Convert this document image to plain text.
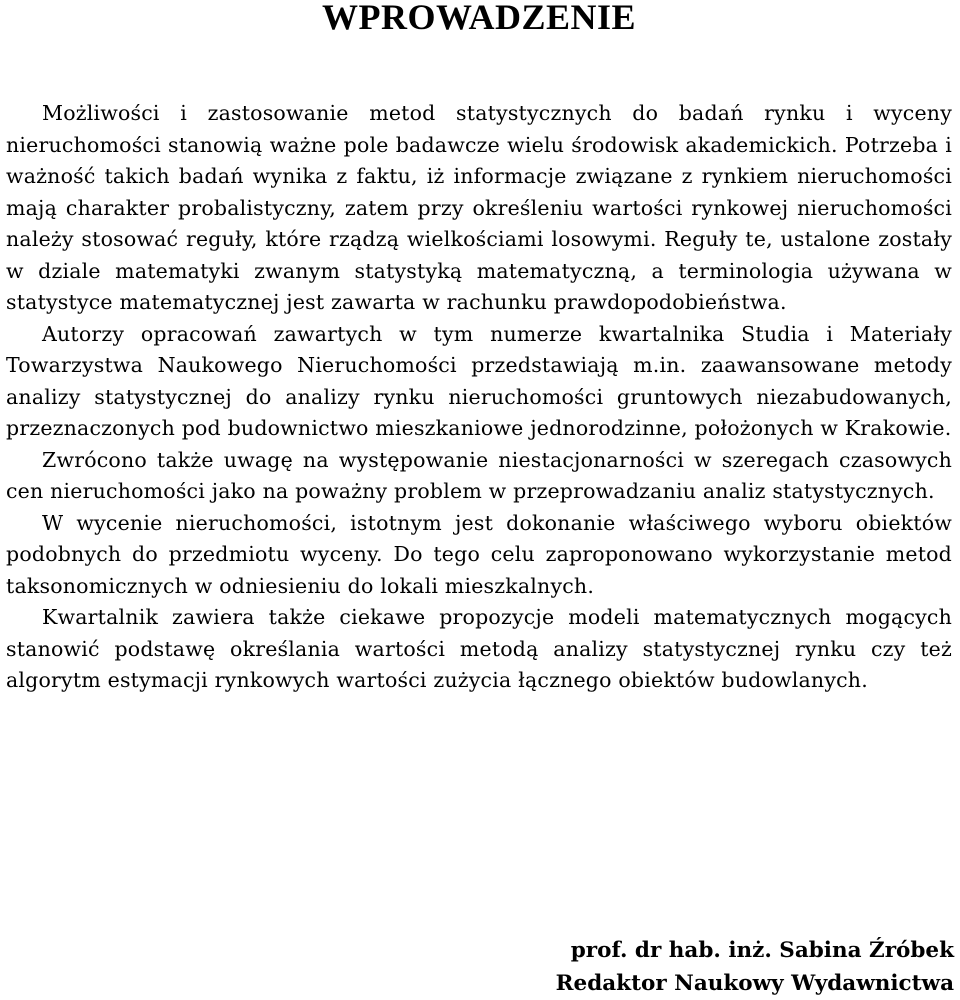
WPROWADZENIE

Możliwości i zastosowanie metod statystycznych do badań rynku i wyceny nieruchomości stanowią ważne pole badawcze wielu środowisk akademickich. Potrzeba i ważność takich badań wynika z faktu, iż informacje związane z rynkiem nieruchomości mają charakter probalistyczny, zatem przy określeniu wartości rynkowej nieruchomości należy stosować reguły, które rządzą wielkościami losowymi. Reguły te, ustalone zostały w dziale matematyki zwanym statystyką matematyczną, a terminologia używana w statystyce matematycznej jest zawarta w rachunku prawdopodobieństwa.

Autorzy opracowań zawartych w tym numerze kwartalnika Studia i Materiały Towarzystwa Naukowego Nieruchomości przedstawiają m.in. zaawansowane metody analizy statystycznej do analizy rynku nieruchomości gruntowych niezabudowanych, przeznaczonych pod budownictwo mieszkaniowe jednorodzinne, położonych w Krakowie.

Zwrócono także uwagę na występowanie niestacjonarności w szeregach czasowych cen nieruchomości jako na poważny problem w przeprowadzaniu analiz statystycznych.

W wycenie nieruchomości, istotnym jest dokonanie właściwego wyboru obiektów podobnych do przedmiotu wyceny. Do tego celu zaproponowano wykorzystanie metod taksonomicznych w odniesieniu do lokali mieszkalnych.

Kwartalnik zawiera także ciekawe propozycje modeli matematycznych mogących stanowić podstawę określania wartości metodą analizy statystycznej rynku czy też algorytm estymacji rynkowych wartości zużycia łącznego obiektów budowlanych.

prof. dr hab. inż. Sabina Źróbek
Redaktor Naukowy Wydawnictwa
